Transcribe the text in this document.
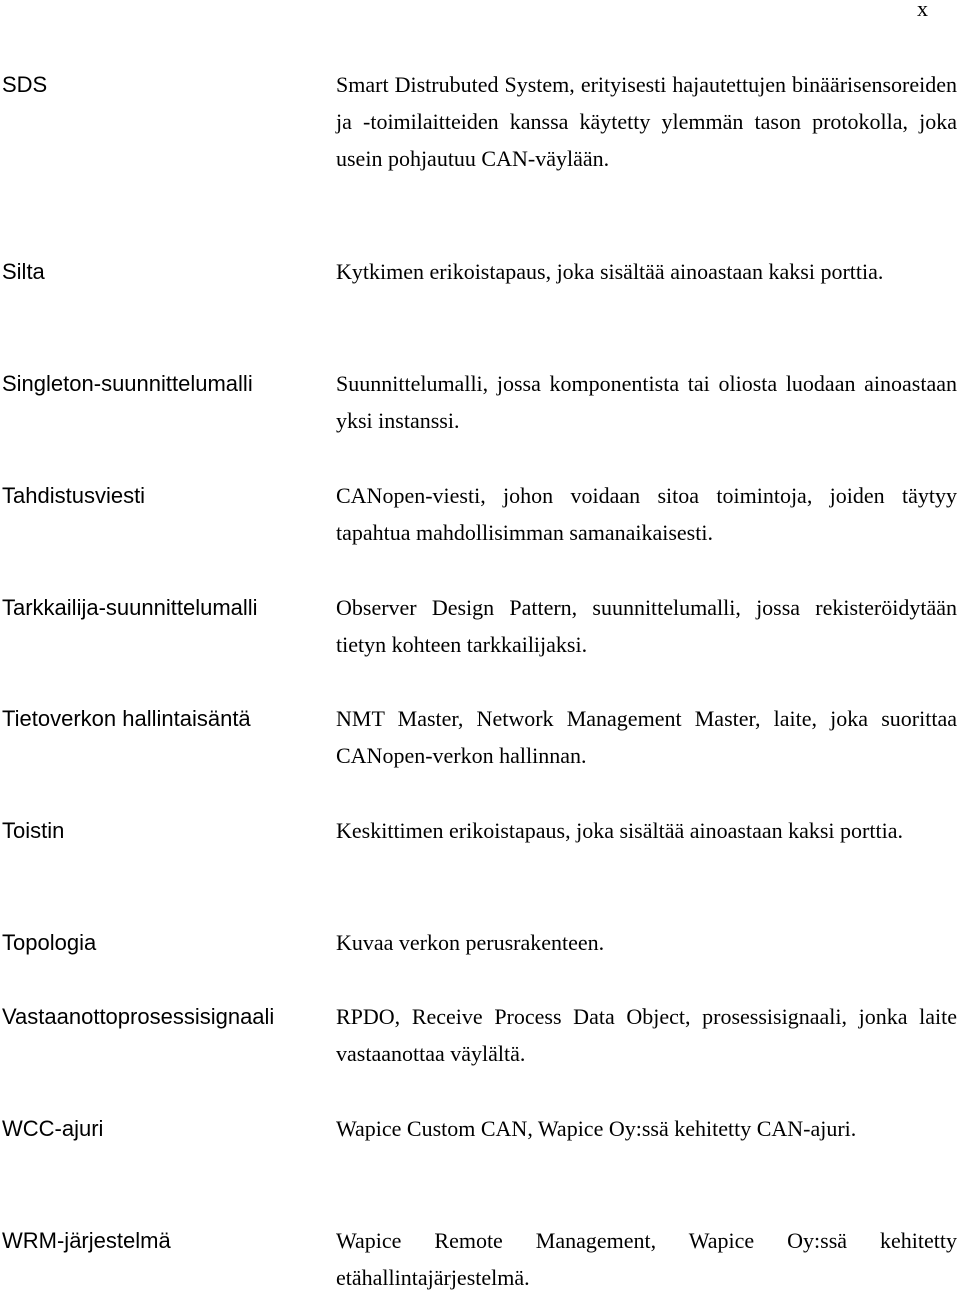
x
SDS	Smart Distrubuted System, erityisesti hajautettujen binäärisensoreiden ja -toimilaitteiden kanssa käytetty ylemmän tason protokolla, joka usein pohjautuu CAN-väylään.
Silta	Kytkimen erikoistapaus, joka sisältää ainoastaan kaksi porttia.
Singleton-suunnittelumalli	Suunnittelumalli, jossa komponentista tai oliosta luodaan ainoastaan yksi instanssi.
Tahdistusviesti	CANopen-viesti, johon voidaan sitoa toimintoja, joiden täytyy tapahtua mahdollisimman samanaikaisesti.
Tarkkailija-suunnittelumalli	Observer Design Pattern, suunnittelumalli, jossa rekisteröidytään tietyn kohteen tarkkailijaksi.
Tietoverkon hallintaisäntä	NMT Master, Network Management Master, laite, joka suorittaa CANopen-verkon hallinnan.
Toistin	Keskittimen erikoistapaus, joka sisältää ainoastaan kaksi porttia.
Topologia	Kuvaa verkon perusrakenteen.
Vastaanottoprosessisignaali	RPDO, Receive Process Data Object, prosessisignaali, jonka laite vastaanottaa väylältä.
WCC-ajuri	Wapice Custom CAN, Wapice Oy:ssä kehitetty CAN-ajuri.
WRM-järjestelmä	Wapice Remote Management, Wapice Oy:ssä kehitetty etähallintajärjestelmä.
